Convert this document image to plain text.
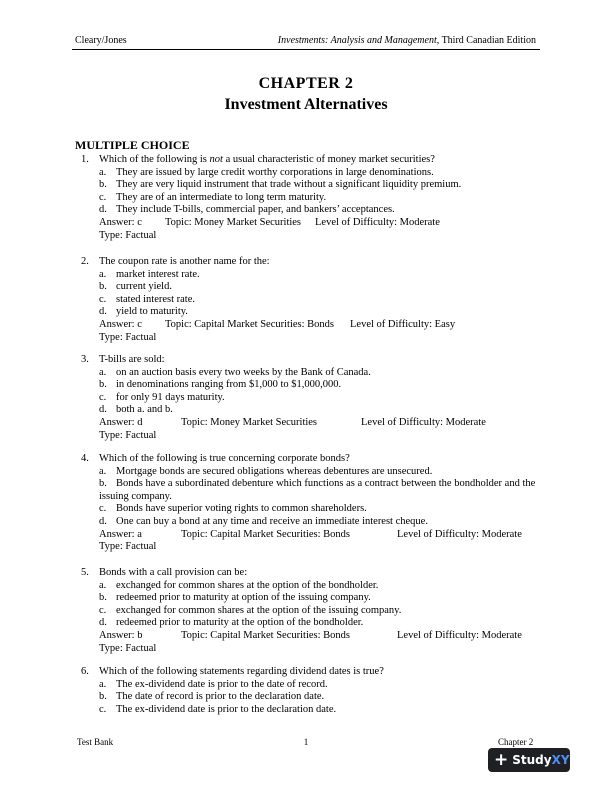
Cleary/Jones	Investments: Analysis and Management, Third Canadian Edition
CHAPTER 2
Investment Alternatives
MULTIPLE CHOICE
1. Which of the following is not a usual characteristic of money market securities?
a. They are issued by large credit worthy corporations in large denominations.
b. They are very liquid instrument that trade without a significant liquidity premium.
c. They are of an intermediate to long term maturity.
d. They include T-bills, commercial paper, and bankers’ acceptances.
Answer: c Topic: Money Market Securities Level of Difficulty: Moderate
Type: Factual
2. The coupon rate is another name for the:
a. market interest rate.
b. current yield.
c. stated interest rate.
d. yield to maturity.
Answer: c Topic: Capital Market Securities: Bonds Level of Difficulty: Easy
Type: Factual
3. T-bills are sold:
a. on an auction basis every two weeks by the Bank of Canada.
b. in denominations ranging from $1,000 to $1,000,000.
c. for only 91 days maturity.
d. both a. and b.
Answer: d	Topic: Money Market Securities	Level of Difficulty: Moderate
Type: Factual
4. Which of the following is true concerning corporate bonds?
a. Mortgage bonds are secured obligations whereas debentures are unsecured.
b. Bonds have a subordinated debenture which functions as a contract between the bondholder and the issuing company.
c. Bonds have superior voting rights to common shareholders.
d. One can buy a bond at any time and receive an immediate interest cheque.
Answer: a	Topic: Capital Market Securities: Bonds	Level of Difficulty: Moderate
Type: Factual
5. Bonds with a call provision can be:
a. exchanged for common shares at the option of the bondholder.
b. redeemed prior to maturity at option of the issuing company.
c. exchanged for common shares at the option of the issuing company.
d. redeemed prior to maturity at the option of the bondholder.
Answer: b	Topic: Capital Market Securities: Bonds	Level of Difficulty: Moderate
Type: Factual
6. Which of the following statements regarding dividend dates is true?
a. The ex-dividend date is prior to the date of record.
b. The date of record is prior to the declaration date.
c. The ex-dividend date is prior to the declaration date.
Test Bank	1	Chapter 2
+ Study XY
